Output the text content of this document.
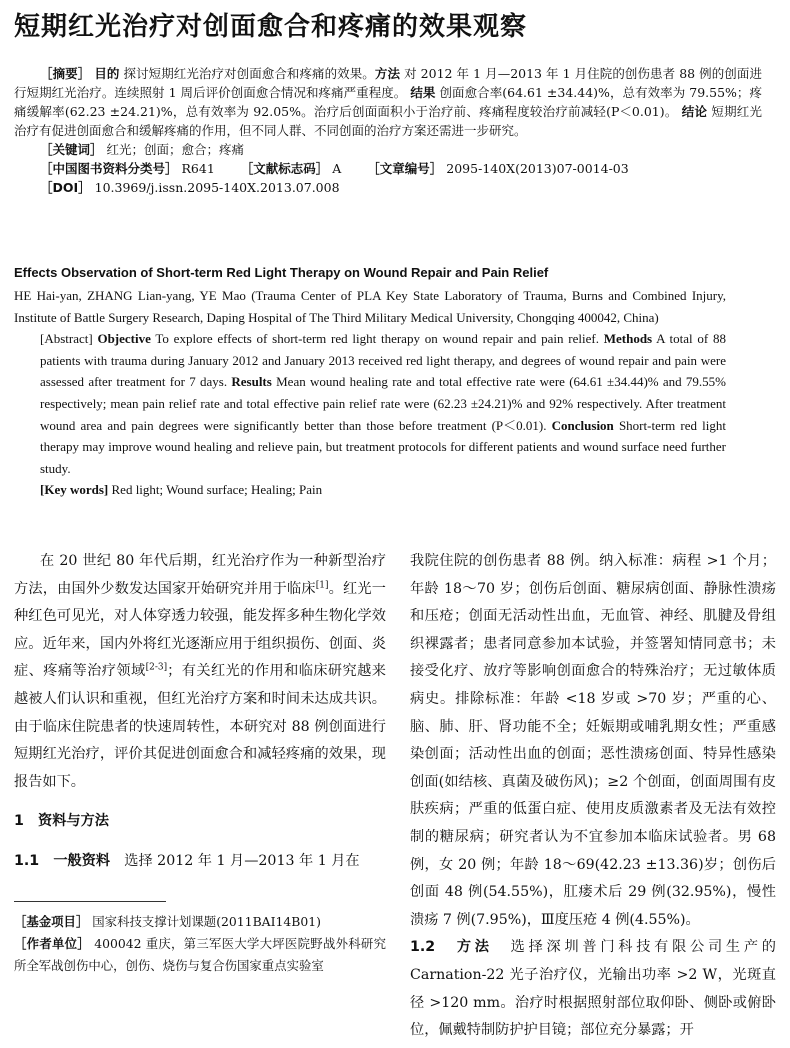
短期红光治疗对创面愈合和疼痛的效果观察
［摘要］ 目的 探讨短期红光治疗对创面愈合和疼痛的效果。方法 对 2012 年 1 月—2013 年 1 月住院的创伤患者 88 例的创面进行短期红光治疗。连续照射 1 周后评价创面愈合情况和疼痛严重程度。 结果 创面愈合率(64.61 ±34.44)%，总有效率为 79.55%；疼痛缓解率(62.23 ±24.21)%，总有效率为 92.05%。治疗后创面面积小于治疗前、疼痛程度较治疗前减轻(P＜0.01)。 结论 短期红光治疗有促进创面愈合和缓解疼痛的作用，但不同人群、不同创面的治疗方案还需进一步研究。
［关键词］ 红光；创面；愈合；疼痛
［中国图书资料分类号］ R641 ［文献标志码］ A ［文章编号］ 2095-140X(2013)07-0014-03
［DOI］ 10.3969/j.issn.2095-140X.2013.07.008
Effects Observation of Short-term Red Light Therapy on Wound Repair and Pain Relief

HE Hai-yan, ZHANG Lian-yang, YE Mao (Trauma Center of PLA Key State Laboratory of Trauma, Burns and Combined Injury, Institute of Battle Surgery Research, Daping Hospital of The Third Military Medical University, Chongqing 400042, China)

[Abstract] Objective To explore effects of short-term red light therapy on wound repair and pain relief. Methods A total of 88 patients with trauma during January 2012 and January 2013 received red light therapy, and degrees of wound repair and pain were assessed after treatment for 7 days. Results Mean wound healing rate and total effective rate were (64.61 ±34.44)% and 79.55% respectively; mean pain relief rate and total effective pain relief rate were (62.23 ±24.21)% and 92% respectively. After treatment wound area and pain degrees were significantly better than those before treatment (P＜0.01). Conclusion Short-term red light therapy may improve wound healing and relieve pain, but treatment protocols for different patients and wound surface need further study.

[Key words] Red light; Wound surface; Healing; Pain

在 20 世纪 80 年代后期，红光治疗作为一种新型治疗方法，由国外少数发达国家开始研究并用于临床[1]。红光一种红色可见光，对人体穿透力较强，能发挥多种生物化学效应。近年来，国内外将红光逐渐应用于组织损伤、创面、炎症、疼痛等治疗领域[2-3]；有关红光的作用和临床研究越来越被人们认识和重视，但红光治疗方案和时间未达成共识。由于临床住院患者的快速周转性，本研究对 88 例创面进行短期红光治疗，评价其促进创面愈合和减轻疼痛的效果，现报告如下。

1　资料与方法

1.1　一般资料　 选择 2012 年 1 月—2013 年 1 月在

［基金项目］ 国家科技支撑计划课题(2011BAI14B01)

［作者单位］ 400042 重庆，第三军医大学大坪医院野战外科研究所全军战创伤中心，创伤、烧伤与复合伤国家重点实验室

我院住院的创伤患者 88 例。纳入标准：病程 >1 个月；年龄 18～70 岁；创伤后创面、糖尿病创面、静脉性溃疡和压疮；创面无活动性出血，无血管、神经、肌腱及骨组织裸露者；患者同意参加本试验，并签署知情同意书；未接受化疗、放疗等影响创面愈合的特殊治疗；无过敏体质病史。排除标准：年龄 <18 岁或 >70 岁；严重的心、脑、肺、肝、肾功能不全；妊娠期或哺乳期女性；严重感染创面；活动性出血的创面；恶性溃疡创面、特异性感染创面(如结核、真菌及破伤风)；≥2 个创面，创面周围有皮肤疾病；严重的低蛋白症、使用皮质激素者及无法有效控制的糖尿病；研究者认为不宜参加本临床试验者。男 68 例，女 20 例；年龄 18～69(42.23 ±13.36)岁；创伤后创面 48 例(54.55%)，肛瘘术后 29 例(32.95%)，慢性溃疡 7 例(7.95%)，Ⅲ度压疮 4 例(4.55%)。

1.2　方法　 选择深圳普门科技有限公司生产的 Carnation-22 光子治疗仪，光输出功率 >2 W，光斑直径 >120 mm。治疗时根据照射部位取仰卧、侧卧或俯卧位，佩戴特制防护护目镜；部位充分暴露；开
